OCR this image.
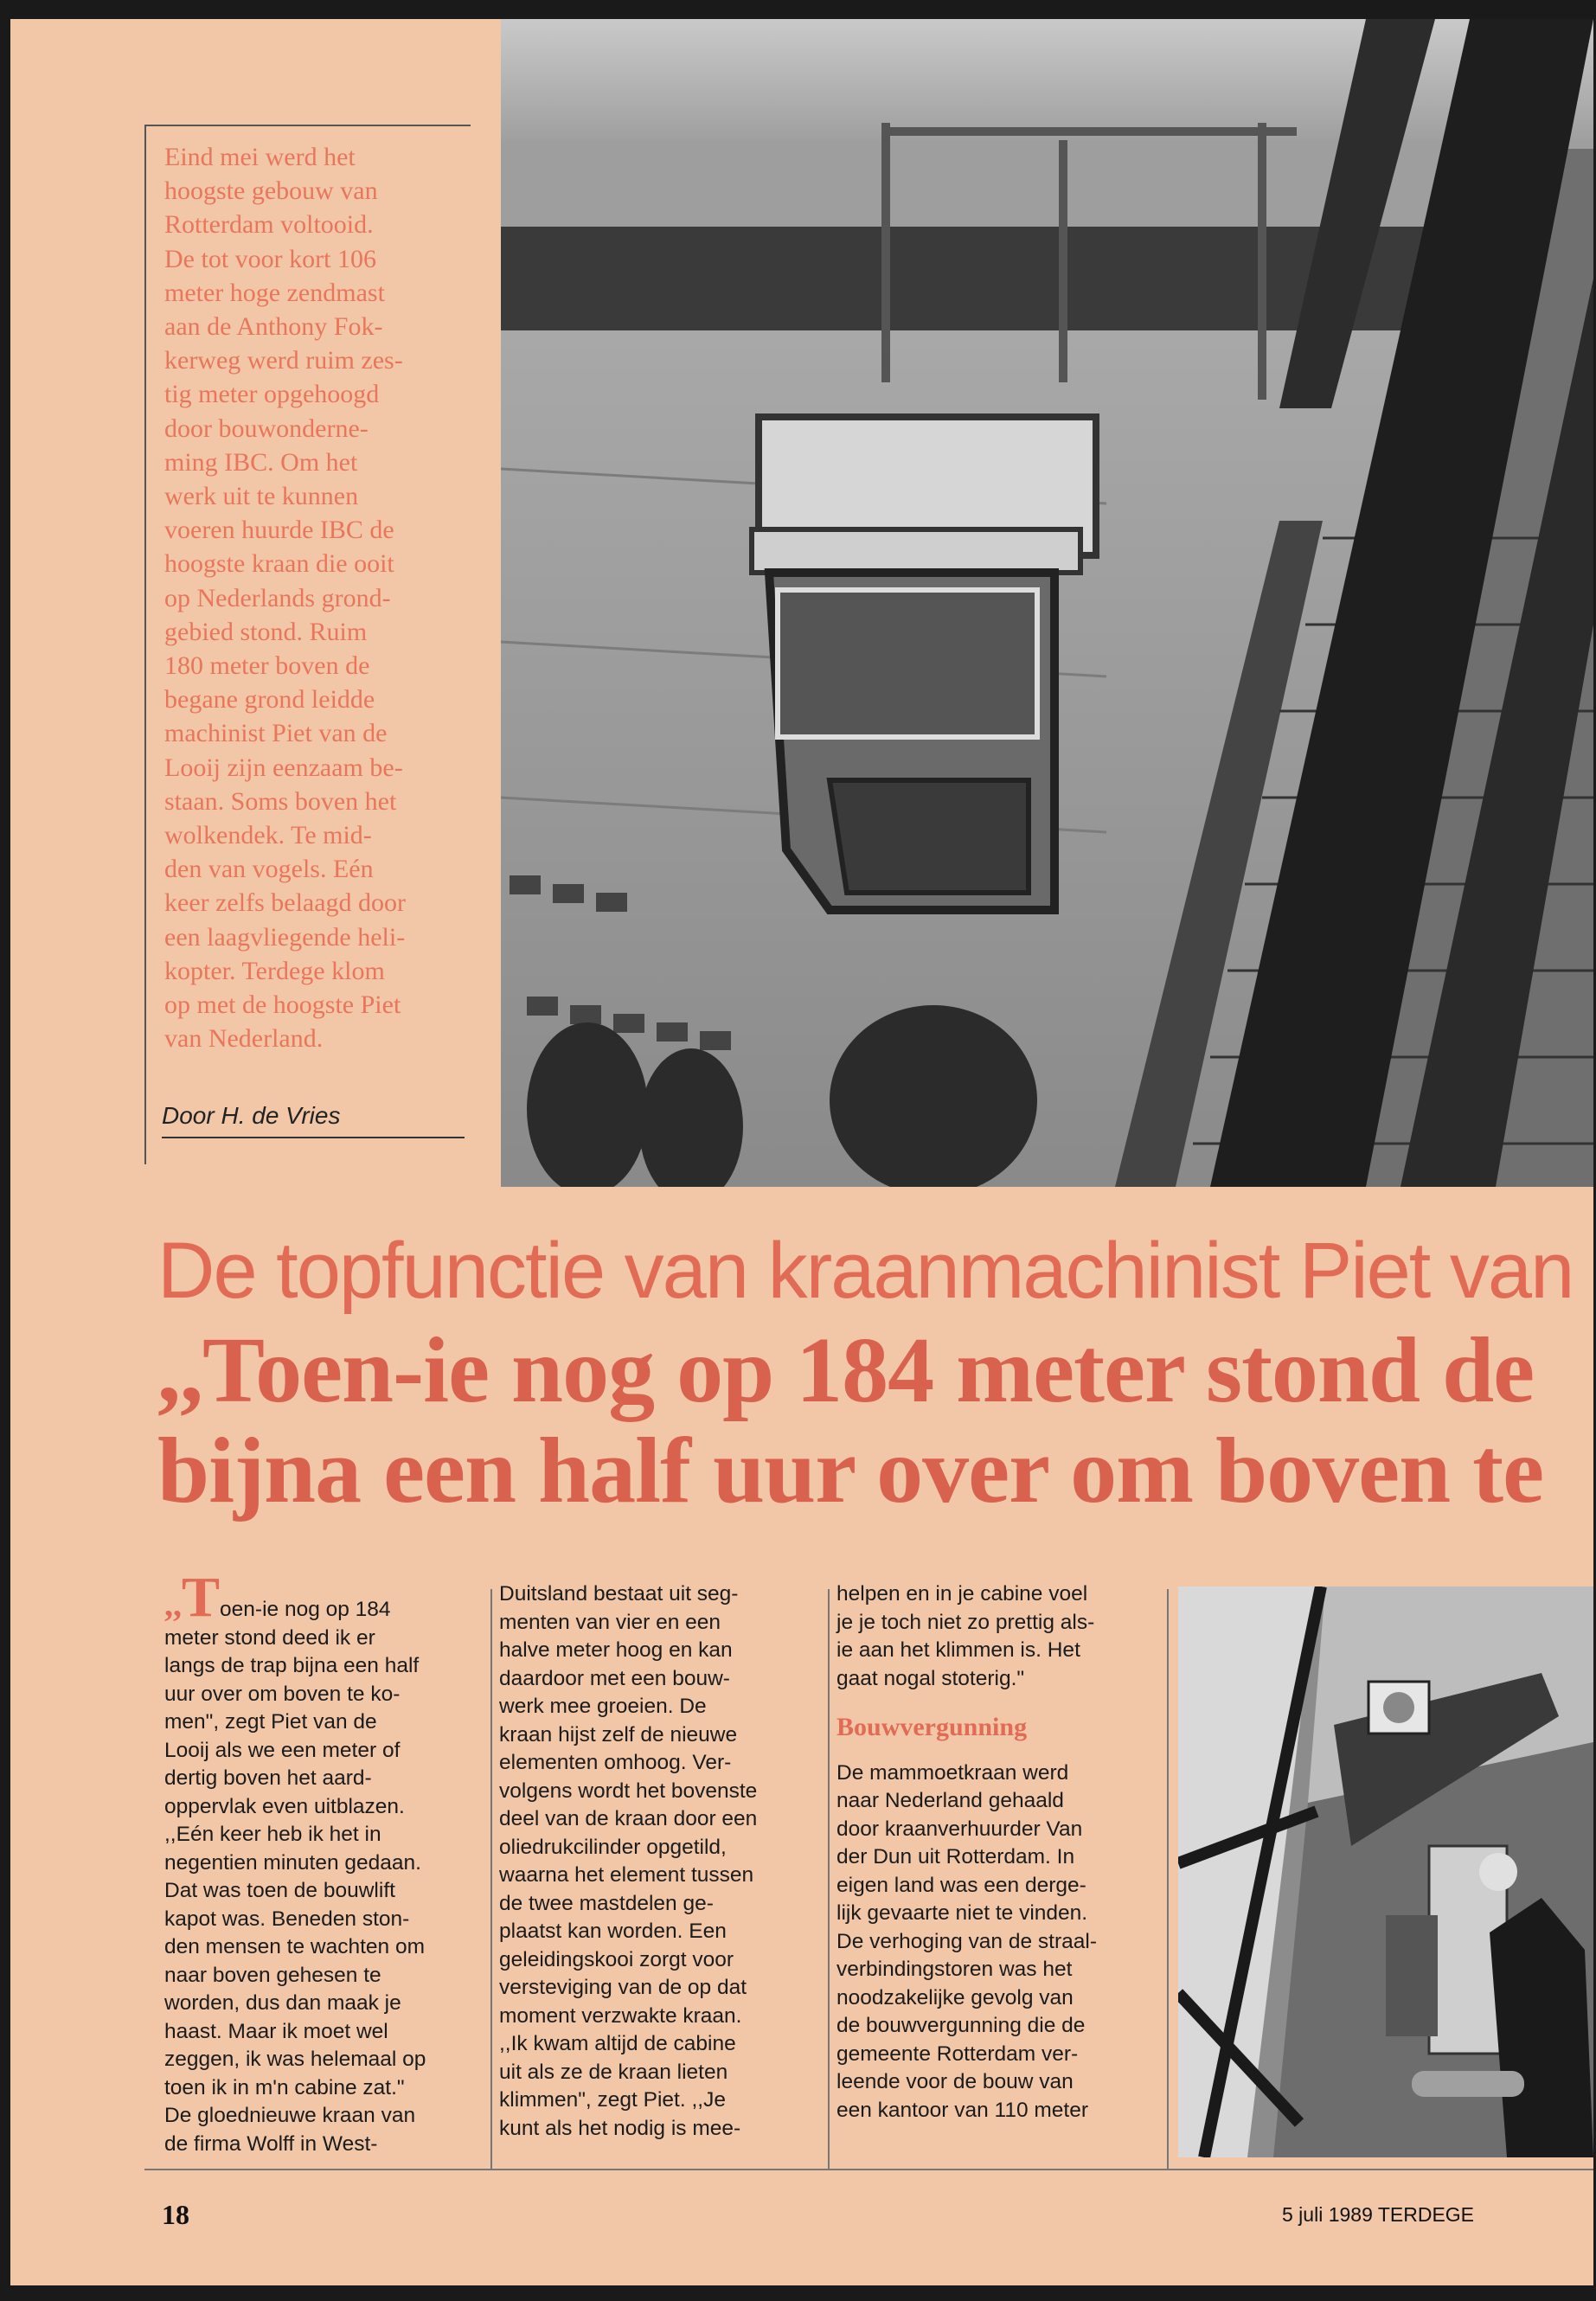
Eind mei werd het
hoogste gebouw van
Rotterdam voltooid.
De tot voor kort 106
meter hoge zendmast
aan de Anthony Fok-
kerweg werd ruim zes-
tig meter opgehoogd
door bouwonderne-
ming IBC. Om het
werk uit te kunnen
voeren huurde IBC de
hoogste kraan die ooit
op Nederlands grond-
gebied stond. Ruim
180 meter boven de
begane grond leidde
machinist Piet van de
Looij zijn eenzaam be-
staan. Soms boven het
wolkendek. Te mid-
den van vogels. Eén
keer zelfs belaagd door
een laagvliegende heli-
kopter. Terdege klom
op met de hoogste Piet
van Nederland.
Door H. de Vries
De topfunctie van kraanmachinist Piet van
,,Toen-ie nog op 184 meter stond de
bijna een half uur over om boven te

,,Toen-ie nog op 184

meter stond deed ik er
langs de trap bijna een half
uur over om boven te ko-
men", zegt Piet van de
Looij als we een meter of
dertig boven het aard-
oppervlak even uitblazen.
,,Eén keer heb ik het in
negentien minuten gedaan.
Dat was toen de bouwlift
kapot was. Beneden ston-
den mensen te wachten om
naar boven gehesen te
worden, dus dan maak je
haast. Maar ik moet wel
zeggen, ik was helemaal op
toen ik in m'n cabine zat."
De gloednieuwe kraan van
de firma Wolff in West-
Duitsland bestaat uit seg-
menten van vier en een
halve meter hoog en kan
daardoor met een bouw-
werk mee groeien. De
kraan hijst zelf de nieuwe
elementen omhoog. Ver-
volgens wordt het bovenste
deel van de kraan door een
oliedrukcilinder opgetild,
waarna het element tussen
de twee mastdelen ge-
plaatst kan worden. Een
geleidingskooi zorgt voor
versteviging van de op dat
moment verzwakte kraan.
,,Ik kwam altijd de cabine
uit als ze de kraan lieten
klimmen", zegt Piet. ,,Je
kunt als het nodig is mee-
helpen en in je cabine voel
je je toch niet zo prettig als-
ie aan het klimmen is. Het
gaat nogal stoterig."
Bouwvergunning
De mammoetkraan werd
naar Nederland gehaald
door kraanverhuurder Van
der Dun uit Rotterdam. In
eigen land was een derge-
lijk gevaarte niet te vinden.
De verhoging van de straal-
verbindingstoren was het
noodzakelijke gevolg van
de bouwvergunning die de
gemeente Rotterdam ver-
leende voor de bouw van
een kantoor van 110 meter
18	5 juli 1989 TERDEGE
